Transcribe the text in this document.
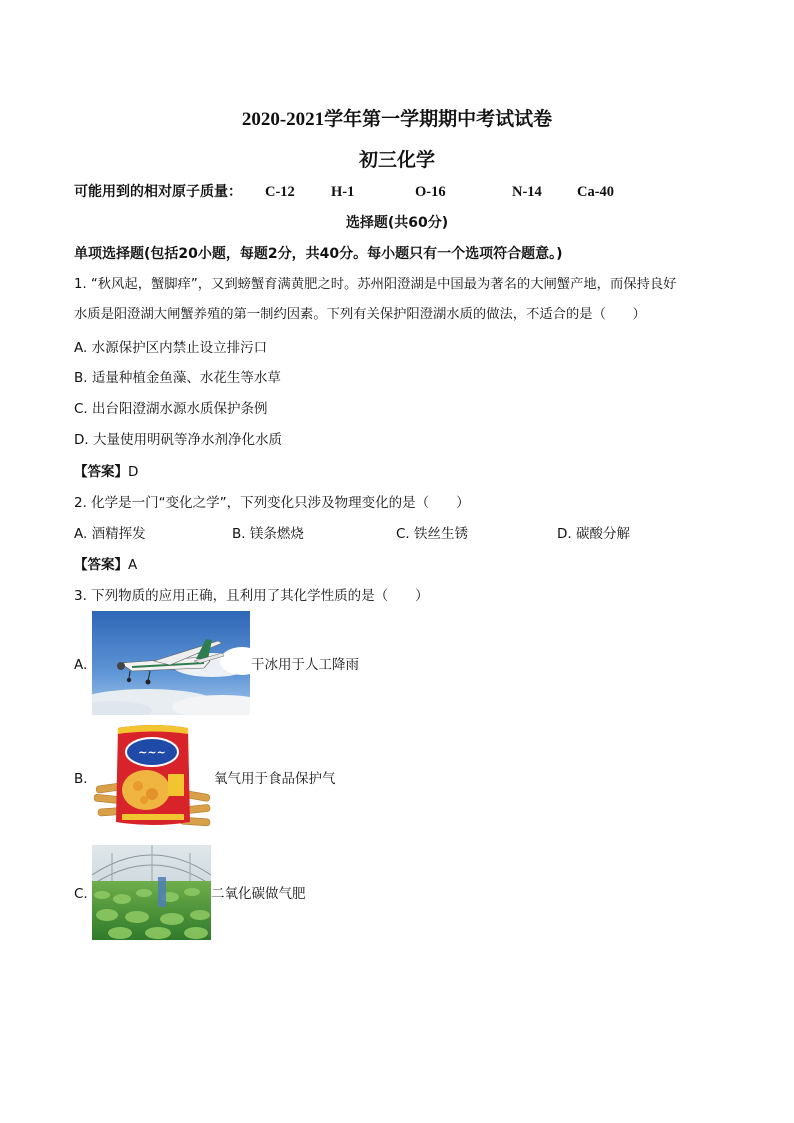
2020-2021学年第一学期期中考试试卷
初三化学
可能用到的相对原子质量： C-12 H-1	O-16	N-14 Ca-40
选择题(共60分)
单项选择题(包括20小题，每题2分，共40分。每小题只有一个选项符合题意。)
1. “秋风起，蟹脚痒”，又到螃蟹育满黄肥之时。苏州阳澄湖是中国最为著名的大闸蟹产地，而保持良好
水质是阳澄湖大闸蟹养殖的第一制约因素。下列有关保护阳澄湖水质的做法，不适合的是（　　）
A. 水源保护区内禁止设立排污口
B. 适量种植金鱼藻、水花生等水草
C. 出台阳澄湖水源水质保护条例
D. 大量使用明矾等净水剂净化水质
【答案】D
2. 化学是一门“变化之学”，下列变化只涉及物理变化的是（　　）
A. 酒精挥发	B. 镁条燃烧	C. 铁丝生锈	D. 碳酸分解
【答案】A
3. 下列物质的应用正确，且利用了其化学性质的是（　　）
A.	干冰用于人工降雨
B.
~~~
氧气用于食品保护气
C.	二氧化碳做气肥
